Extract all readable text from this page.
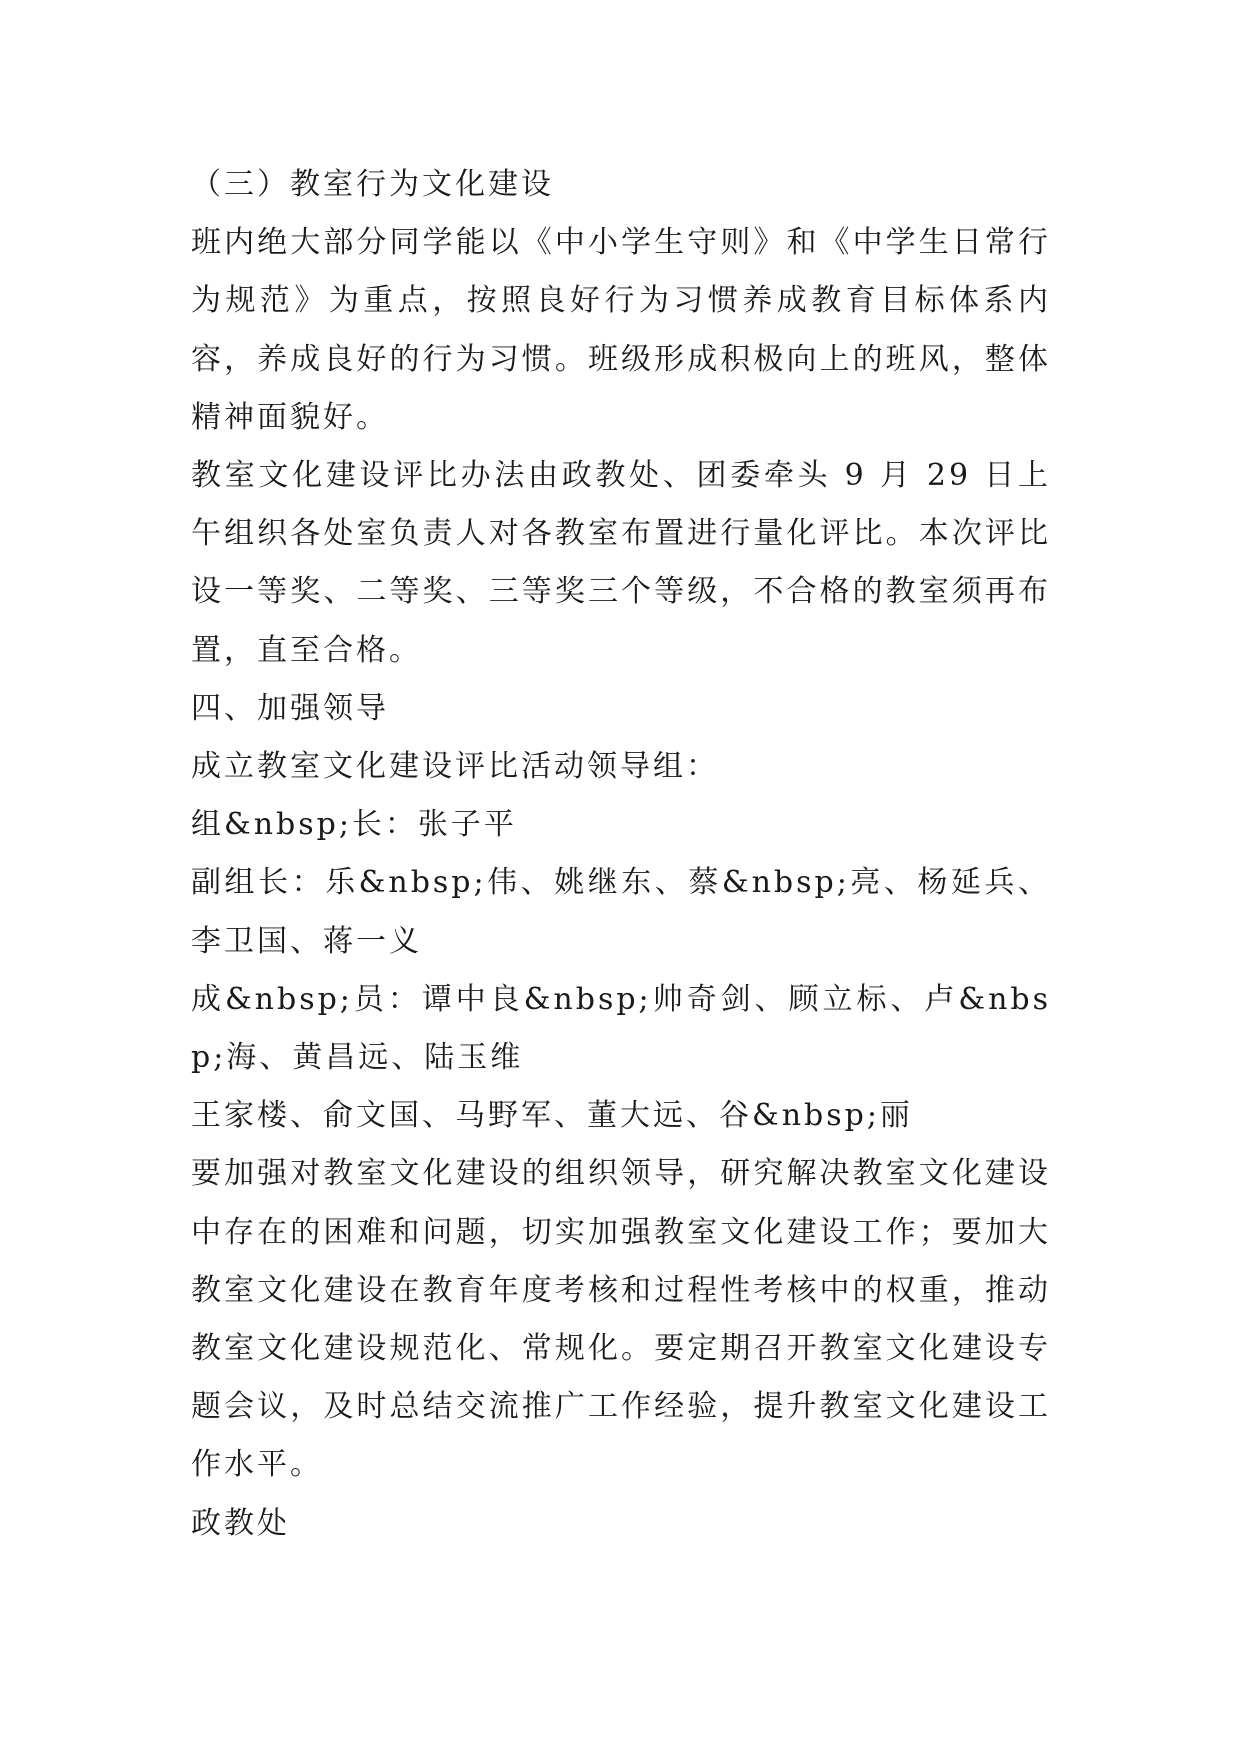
（三）教室行为文化建设

班内绝大部分同学能以《中小学生守则》和《中学生日常行为规范》为重点，按照良好行为习惯养成教育目标体系内容，养成良好的行为习惯。班级形成积极向上的班风，整体精神面貌好。

教室文化建设评比办法由政教处、团委牵头 9 月 29 日上午组织各处室负责人对各教室布置进行量化评比。本次评比设一等奖、二等奖、三等奖三个等级，不合格的教室须再布置，直至合格。

四、加强领导

成立教室文化建设评比活动领导组：

组&nbsp;长：张子平

副组长：乐&nbsp;伟、姚继东、蔡&nbsp;亮、杨延兵、李卫国、蒋一义

成&nbsp;员：谭中良&nbsp;帅奇剑、顾立标、卢&nbsp;海、黄昌远、陆玉维

王家楼、俞文国、马野军、董大远、谷&nbsp;丽

要加强对教室文化建设的组织领导，研究解决教室文化建设中存在的困难和问题，切实加强教室文化建设工作；要加大教室文化建设在教育年度考核和过程性考核中的权重，推动教室文化建设规范化、常规化。要定期召开教室文化建设专题会议，及时总结交流推广工作经验，提升教室文化建设工作水平。

政教处
